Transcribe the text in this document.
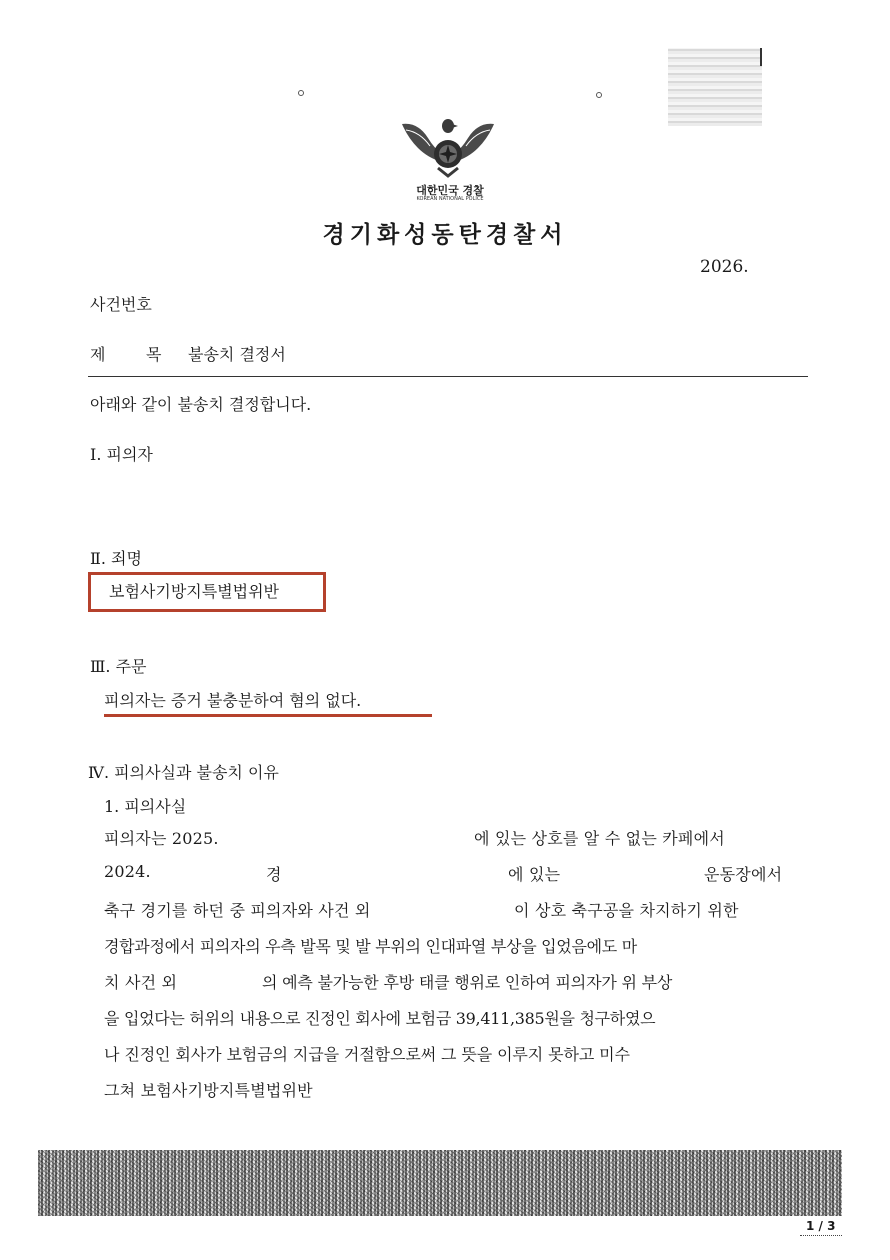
대한민국 경찰
KOREAN NATIONAL POLICE
경기화성동탄경찰서
2026.
사건번호
제	목 불송치 결정서
아래와 같이 불송치 결정합니다.
Ⅰ. 피의자
Ⅱ. 죄명
보험사기방지특별법위반
Ⅲ. 주문
피의자는 증거 불충분하여 혐의 없다.
Ⅳ. 피의사실과 불송치 이유
1. 피의사실
피의자는 2025.	에 있는 상호를 알 수 없는 카페에서
2024.	경	에 있는	운동장에서
축구 경기를 하던 중 피의자와 사건 외	이 상호 축구공을 차지하기 위한
경합과정에서 피의자의 우측 발목 및 발 부위의 인대파열 부상을 입었음에도 마
치 사건 외	의 예측 불가능한 후방 태클 행위로 인하여 피의자가 위 부상
을 입었다는 허위의 내용으로 진정인 회사에 보험금 39,411,385원을 청구하였으
나 진정인 회사가 보험금의 지급을 거절함으로써 그 뜻을 이루지 못하고 미수
그쳐 보험사기방지특별법위반
1 / 3
